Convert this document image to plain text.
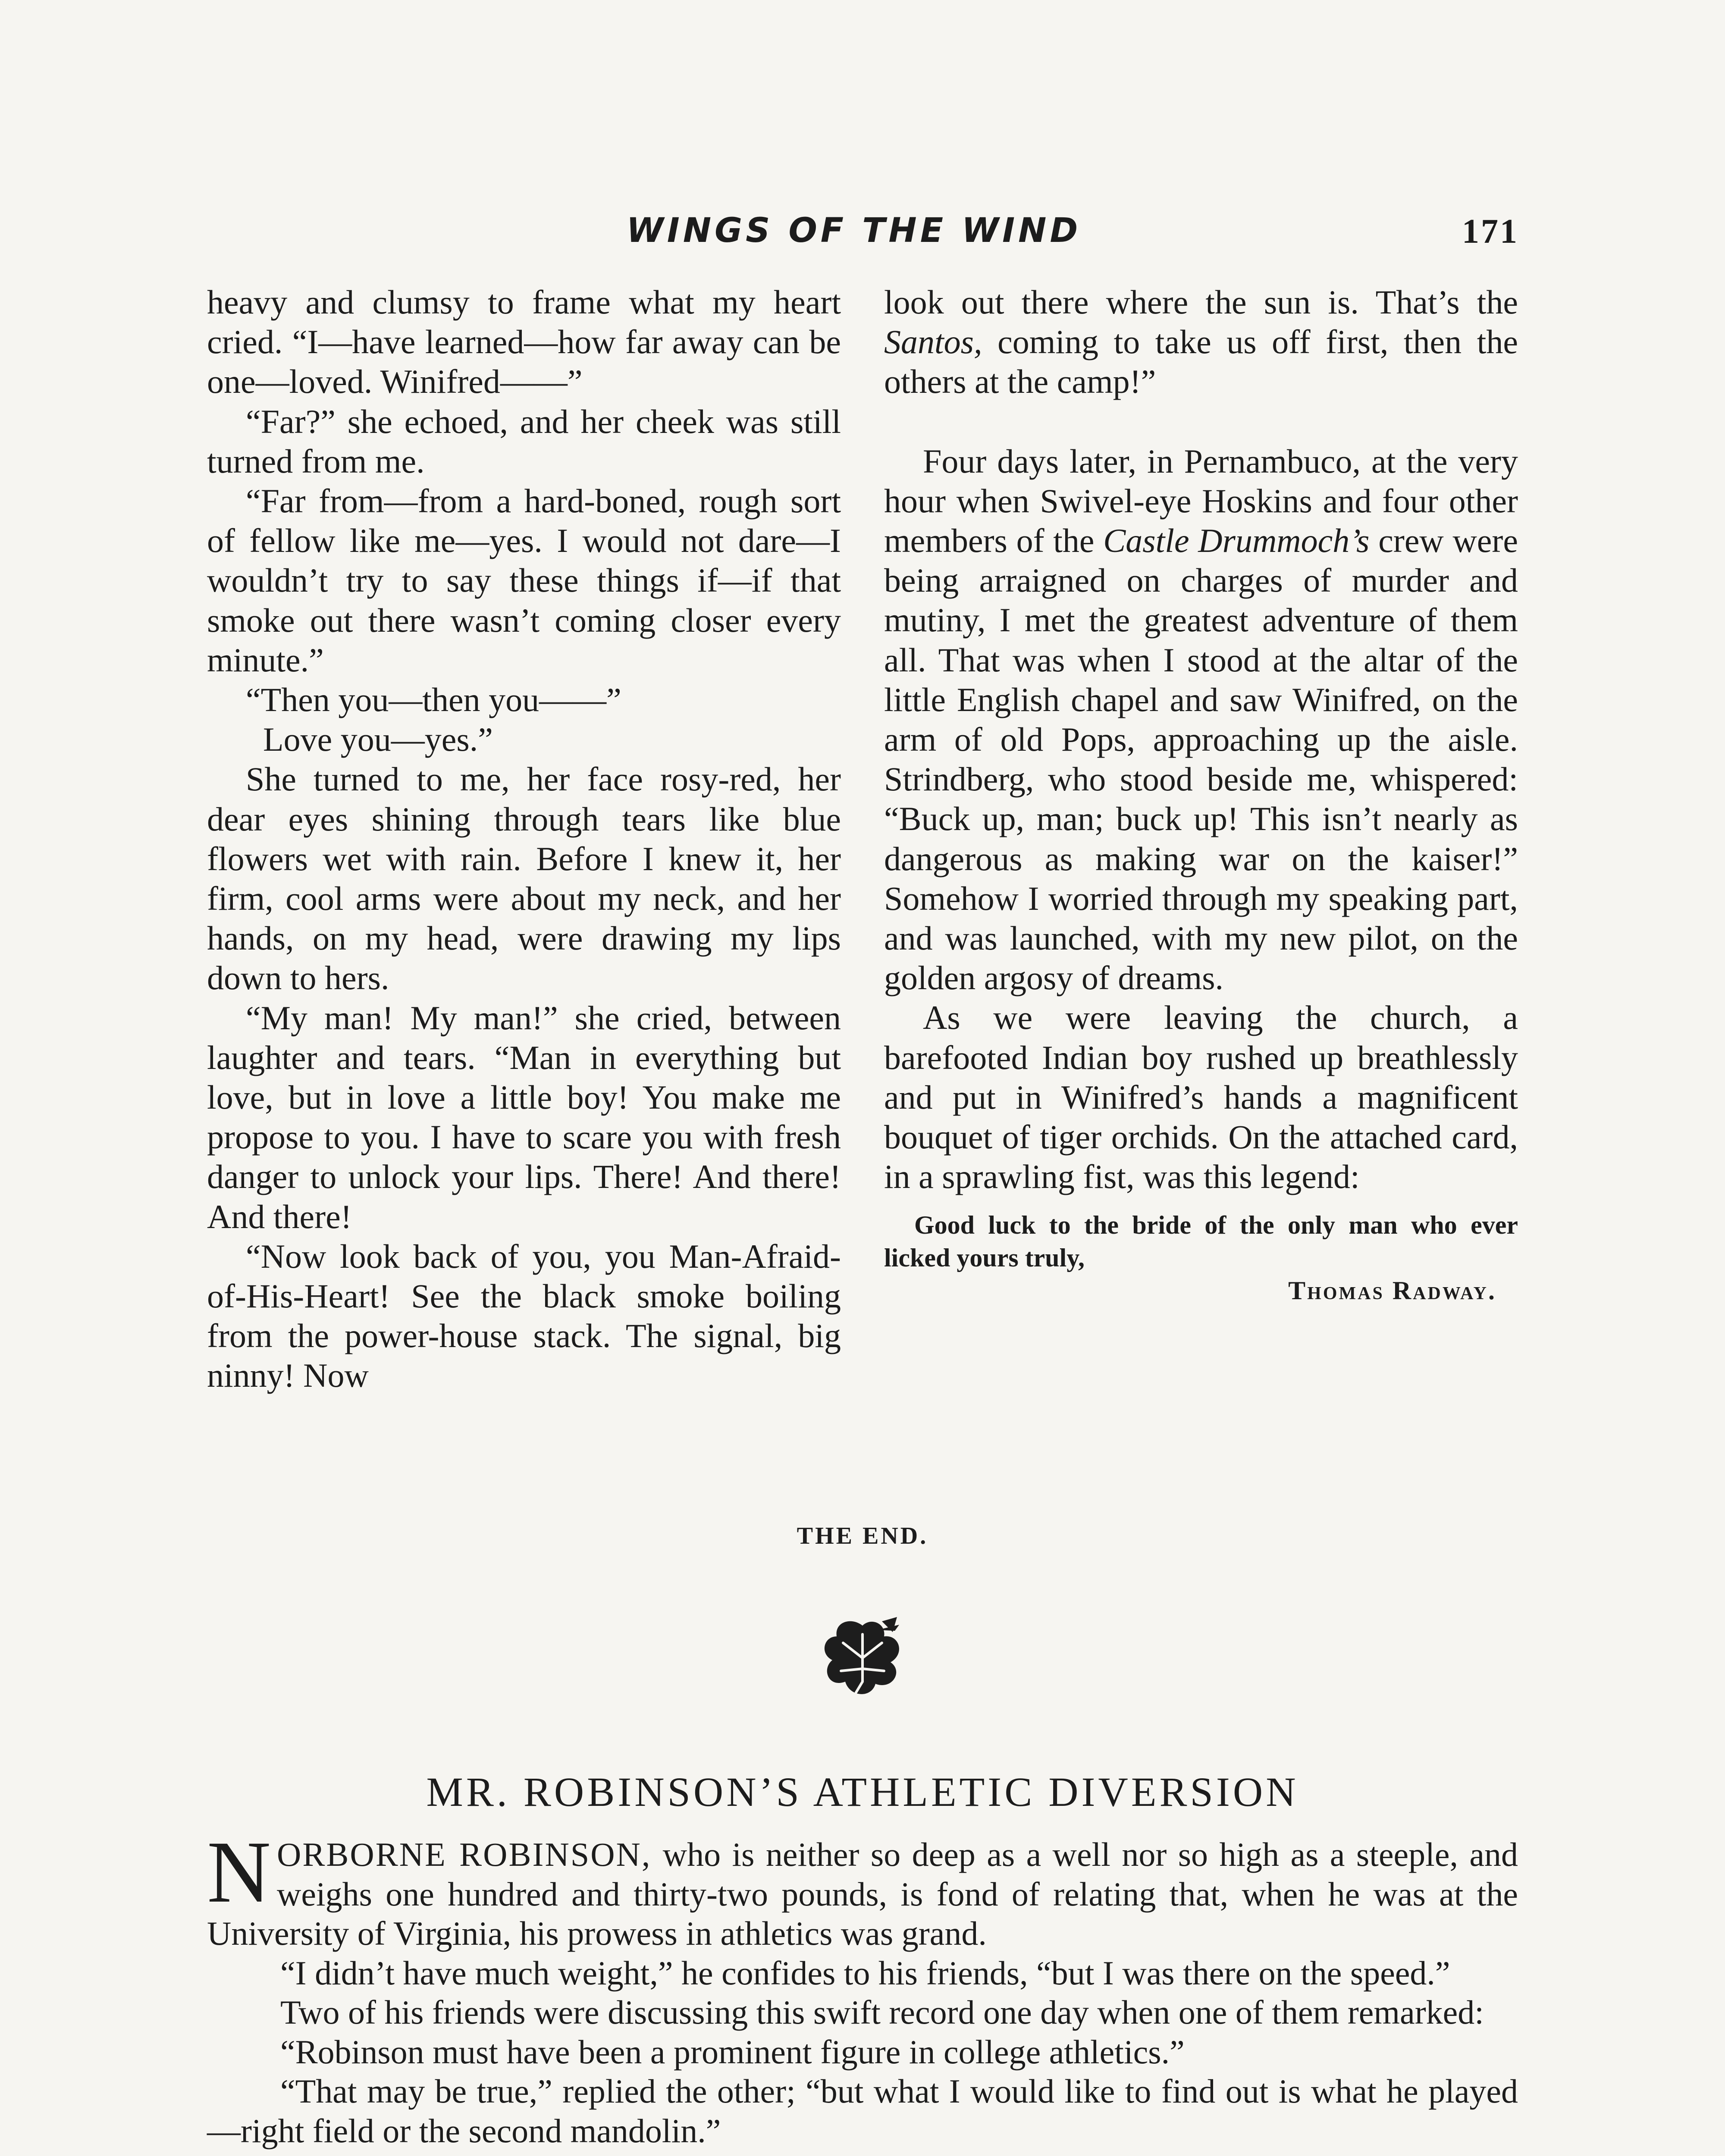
WINGS OF THE WIND	171

heavy and clumsy to frame what my heart cried. “I—have learned—how far away can be one—loved. Winifred——”

“Far?” she echoed, and her cheek was still turned from me.

“Far from—from a hard-boned, rough sort of fellow like me—yes. I would not dare—I wouldn’t try to say these things if—if that smoke out there wasn’t coming closer every minute.”

“Then you—then you——”

Love you—yes.”

She turned to me, her face rosy-red, her dear eyes shining through tears like blue flowers wet with rain. Before I knew it, her firm, cool arms were about my neck, and her hands, on my head, were drawing my lips down to hers.

“My man! My man!” she cried, between laughter and tears. “Man in everything but love, but in love a little boy! You make me propose to you. I have to scare you with fresh danger to unlock your lips. There! And there! And there!

“Now look back of you, you Man-Afraid-of-His-Heart! See the black smoke boiling from the power-house stack. The signal, big ninny! Now

look out there where the sun is. That’s the Santos, coming to take us off first, then the others at the camp!”

Four days later, in Pernambuco, at the very hour when Swivel-eye Hoskins and four other members of the Castle Drummoch’s crew were being arraigned on charges of murder and mutiny, I met the greatest adventure of them all. That was when I stood at the altar of the little English chapel and saw Winifred, on the arm of old Pops, approaching up the aisle. Strindberg, who stood beside me, whispered: “Buck up, man; buck up! This isn’t nearly as dangerous as making war on the kaiser!” Somehow I worried through my speaking part, and was launched, with my new pilot, on the golden argosy of dreams.

As we were leaving the church, a barefooted Indian boy rushed up breathlessly and put in Winifred’s hands a magnificent bouquet of tiger orchids. On the attached card, in a sprawling fist, was this legend:

Good luck to the bride of the only man who ever licked yours truly,
Thomas Radway.
THE END.
MR. ROBINSON’S ATHLETIC DIVERSION

NORBORNE ROBINSON, who is neither so deep as a well nor so high as a steeple, and weighs one hundred and thirty-two pounds, is fond of relating that, when he was at the University of Virginia, his prowess in athletics was grand.

“I didn’t have much weight,” he confides to his friends, “but I was there on the speed.”

Two of his friends were discussing this swift record one day when one of them remarked:

“Robinson must have been a prominent figure in college athletics.”

“That may be true,” replied the other; “but what I would like to find out is what he played—right field or the second mandolin.”
